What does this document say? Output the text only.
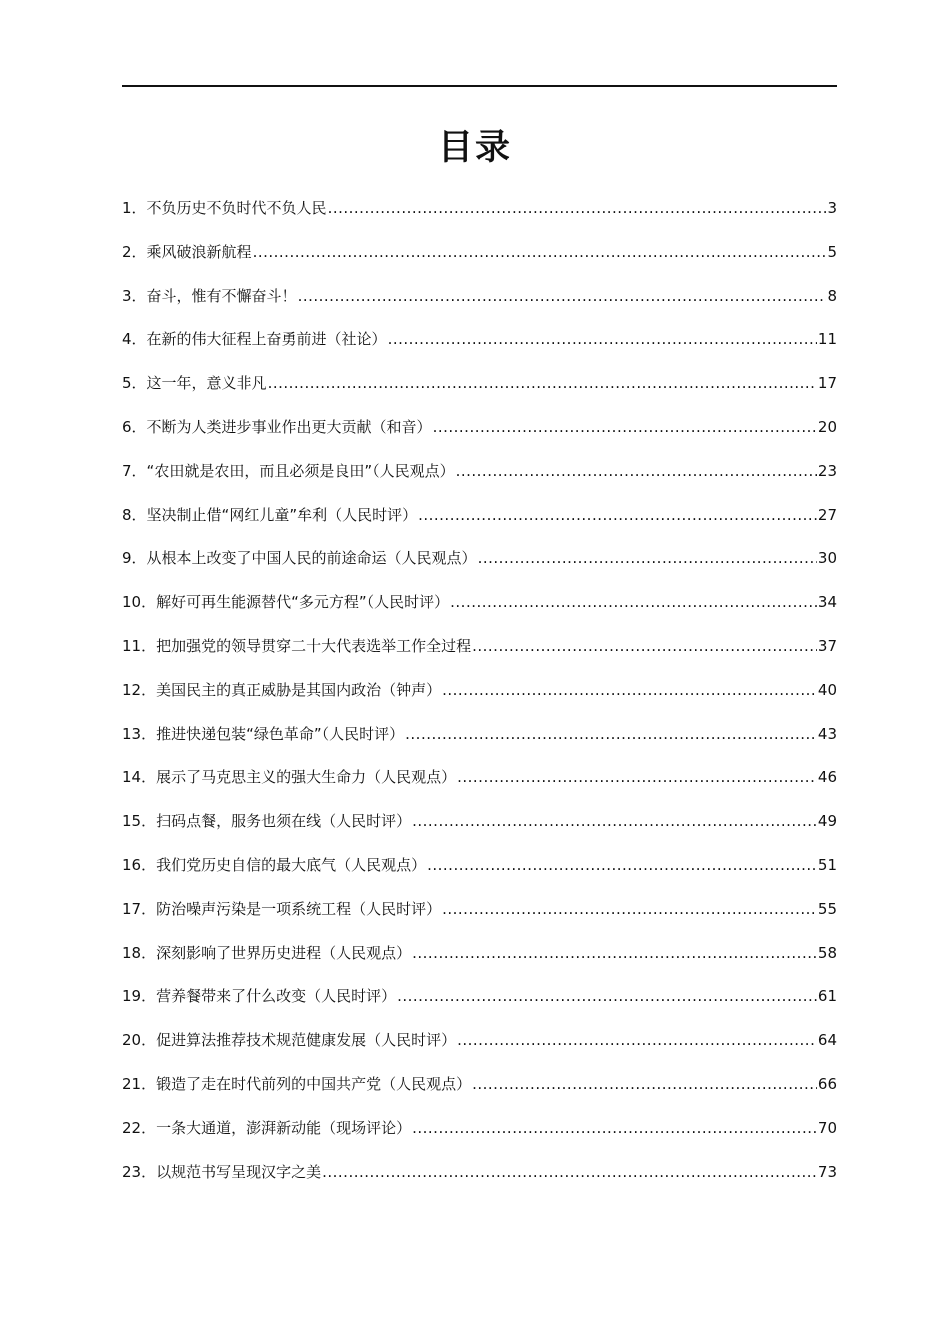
目录
1． 不负历史不负时代不负人民 .....	3
2． 乘风破浪新航程 .....	5
3． 奋斗，惟有不懈奋斗！ .....	8
4． 在新的伟大征程上奋勇前进（社论） .....	11
5． 这一年，意义非凡 .....	17
6． 不断为人类进步事业作出更大贡献（和音） .....	20
7． “农田就是农田，而且必须是良田”（人民观点） .....	23
8． 坚决制止借“网红儿童”牟利（人民时评） .....	27
9． 从根本上改变了中国人民的前途命运（人民观点） .....	30
10． 解好可再生能源替代“多元方程”（人民时评） .....	34
11． 把加强党的领导贯穿二十大代表选举工作全过程 .....	37
12． 美国民主的真正威胁是其国内政治（钟声） .....	40
13． 推进快递包装“绿色革命”（人民时评） .....	43
14． 展示了马克思主义的强大生命力（人民观点） .....	46
15． 扫码点餐，服务也须在线（人民时评） .....	49
16． 我们党历史自信的最大底气（人民观点） .....	51
17． 防治噪声污染是一项系统工程（人民时评） .....	55
18． 深刻影响了世界历史进程（人民观点） .....	58
19． 营养餐带来了什么改变（人民时评） .....	61
20． 促进算法推荐技术规范健康发展（人民时评） .....	64
21． 锻造了走在时代前列的中国共产党（人民观点） .....	66
22． 一条大通道，澎湃新动能（现场评论） .....	70
23． 以规范书写呈现汉字之美 .....	73
